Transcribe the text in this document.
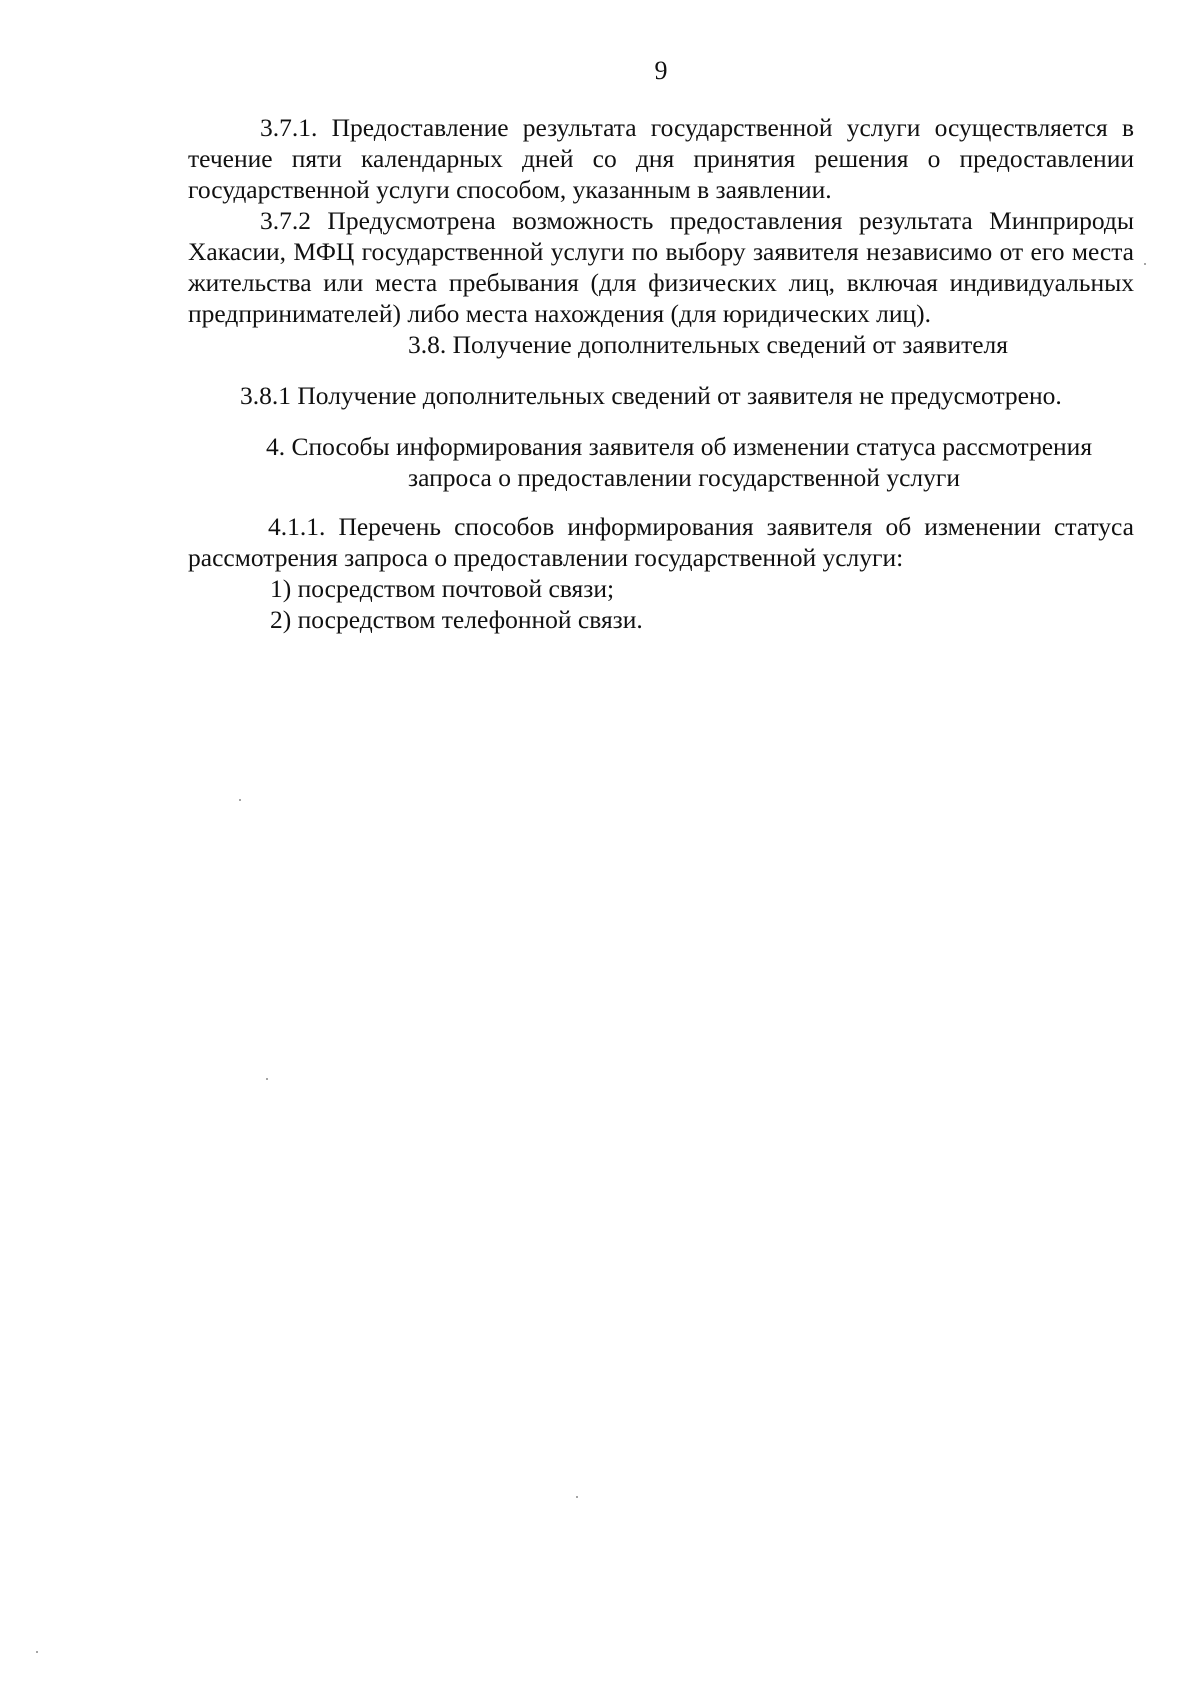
9

3.7.1. Предоставление результата государственной услуги осуществляется в течение пяти календарных дней со дня принятия решения о предоставлении государственной услуги способом, указанным в заявлении.

3.7.2 Предусмотрена возможность предоставления результата Минприроды Хакасии, МФЦ государственной услуги по выбору заявителя независимо от его места жительства или места пребывания (для физических лиц, включая индивидуальных предпринимателей) либо места нахождения (для юридических лиц).

3.8. Получение дополнительных сведений от заявителя

3.8.1 Получение дополнительных сведений от заявителя не предусмотрено.

4. Способы информирования заявителя об изменении статуса рассмотрения

запроса о предоставлении государственной услуги

4.1.1. Перечень способов информирования заявителя об изменении статуса рассмотрения запроса о предоставлении государственной услуги:

1) посредством почтовой связи;

2) посредством телефонной связи.
